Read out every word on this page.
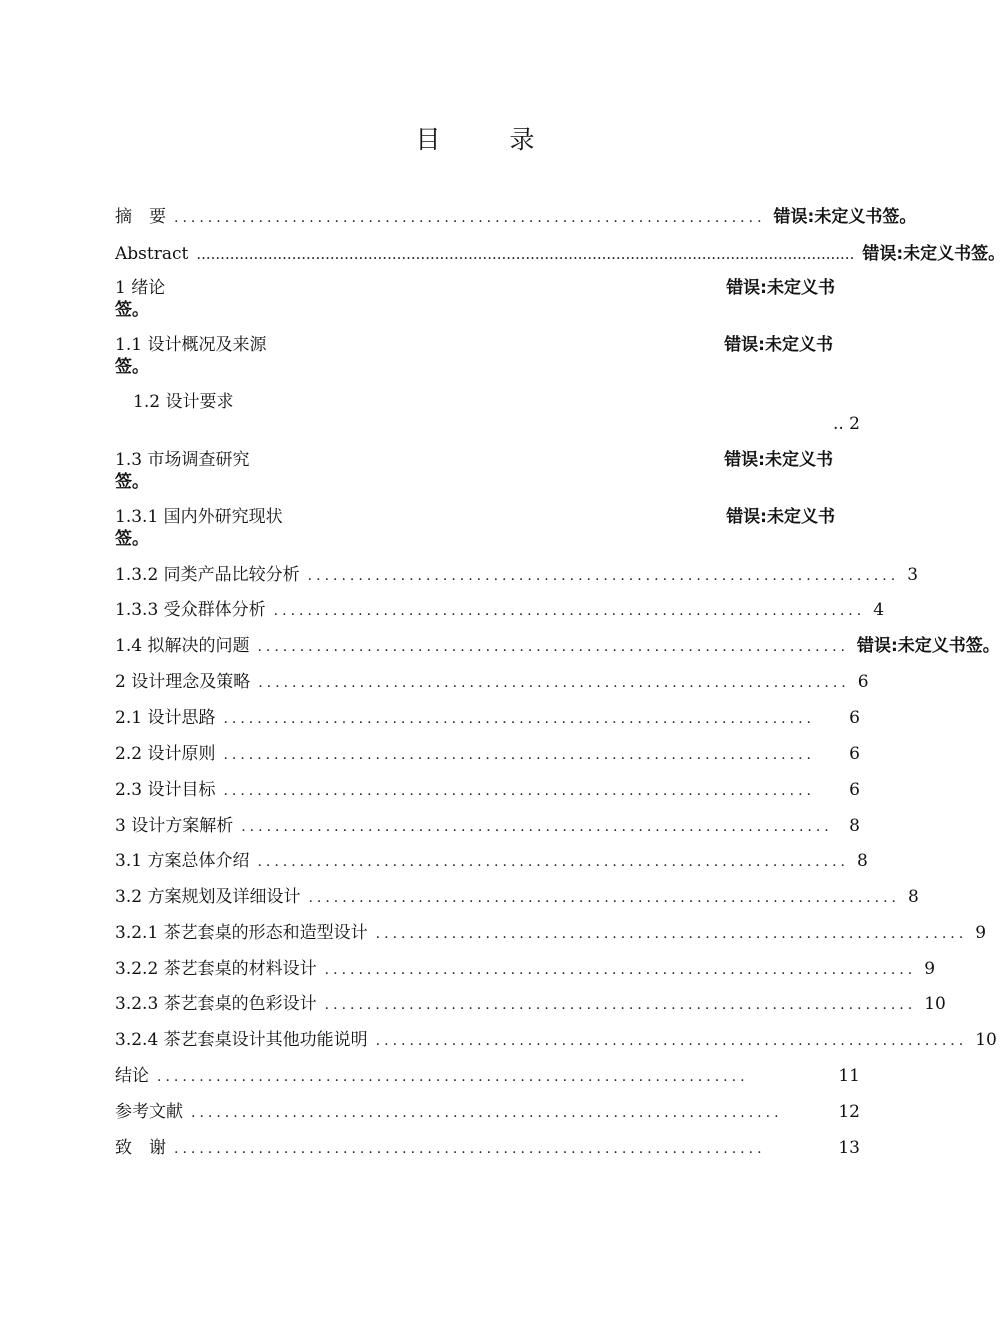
目　录
摘　要 ...................................................................... 错误:未定义书签。
Abstract .......................................................................................................................................... 错误:未定义书签。
1 绪论	错误:未定义书
签。
1.1 设计概况及来源	错误:未定义书
签。
1.2 设计要求
.. 2
1.3 市场调查研究	错误:未定义书
签。
1.3.1 国内外研究现状	错误:未定义书
签。
1.3.2 同类产品比较分析 ...................................................................... 3
1.3.3 受众群体分析 ...................................................................... 4
1.4 拟解决的问题 ...................................................................... 错误:未定义书签。
2 设计理念及策略 ...................................................................... 6
2.1 设计思路 ......................................................................	6
2.2 设计原则 ......................................................................	6
2.3 设计目标 ......................................................................	6
3 设计方案解析 ...................................................................... 8
3.1 方案总体介绍 ...................................................................... 8
3.2 方案规划及详细设计 ...................................................................... 8
3.2.1 茶艺套桌的形态和造型设计 ...................................................................... 9
3.2.2 茶艺套桌的材料设计 ...................................................................... 9
3.2.3 茶艺套桌的色彩设计 ...................................................................... 10
3.2.4 茶艺套桌设计其他功能说明 ...................................................................... 10
结论 ......................................................................	11
参考文献 ......................................................................	12
致　谢 ......................................................................	13
